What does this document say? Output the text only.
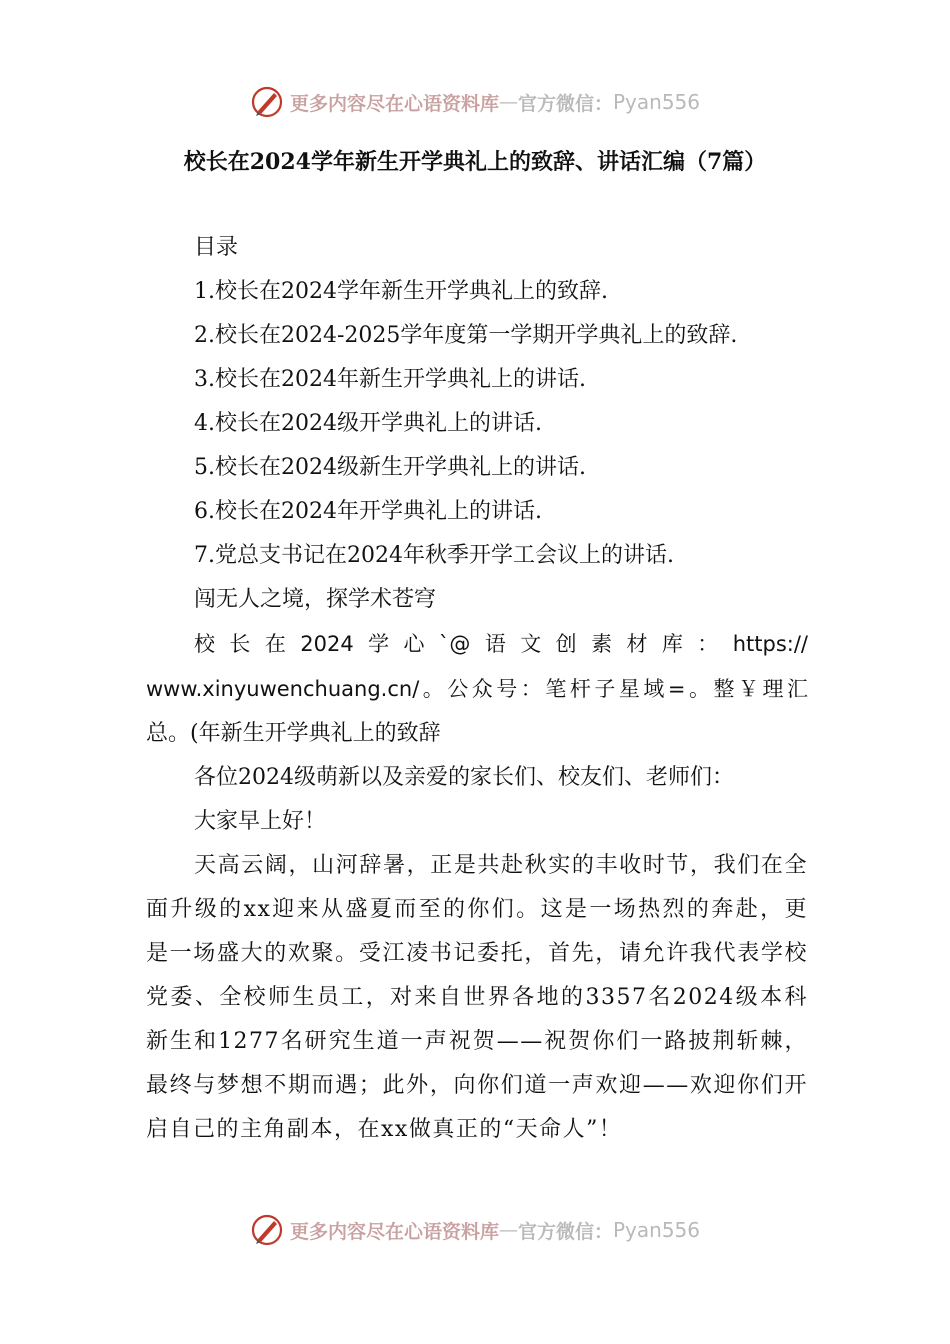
更多内容尽在心语资料库 — 官方微信： Pyan556
校长在2024学年新生开学典礼上的致辞、讲话汇编（7篇）

目录

1.校长在2024学年新生开学典礼上的致辞.

2.校长在2024-2025学年度第一学期开学典礼上的致辞.

3.校长在2024年新生开学典礼上的讲话.

4.校长在2024级开学典礼上的讲话.

5.校长在2024级新生开学典礼上的讲话.

6.校长在2024年开学典礼上的讲话.

7.党总支书记在2024年秋季开学工会议上的讲话.

闯无人之境，探学术苍穹

校长在2024学心`@语文创素材库：https://

www.xinyuwenchuang.cn/。公众号：笔杆子星域=。整￥理汇

总。(年新生开学典礼上的致辞

各位2024级萌新以及亲爱的家长们、校友们、老师们：

大家早上好！

天高云阔，山河辞暑，正是共赴秋实的丰收时节，我们在全面升级的xx迎来从盛夏而至的你们。这是一场热烈的奔赴，更是一场盛大的欢聚。受江凌书记委托，首先，请允许我代表学校党委、全校师生员工，对来自世界各地的3357名2024级本科新生和1277名研究生道一声祝贺——祝贺你们一路披荆斩棘，最终与梦想不期而遇；此外，向你们道一声欢迎——欢迎你们开启自己的主角副本，在xx做真正的“天命人”！

更多内容尽在心语资料库 — 官方微信： Pyan556
